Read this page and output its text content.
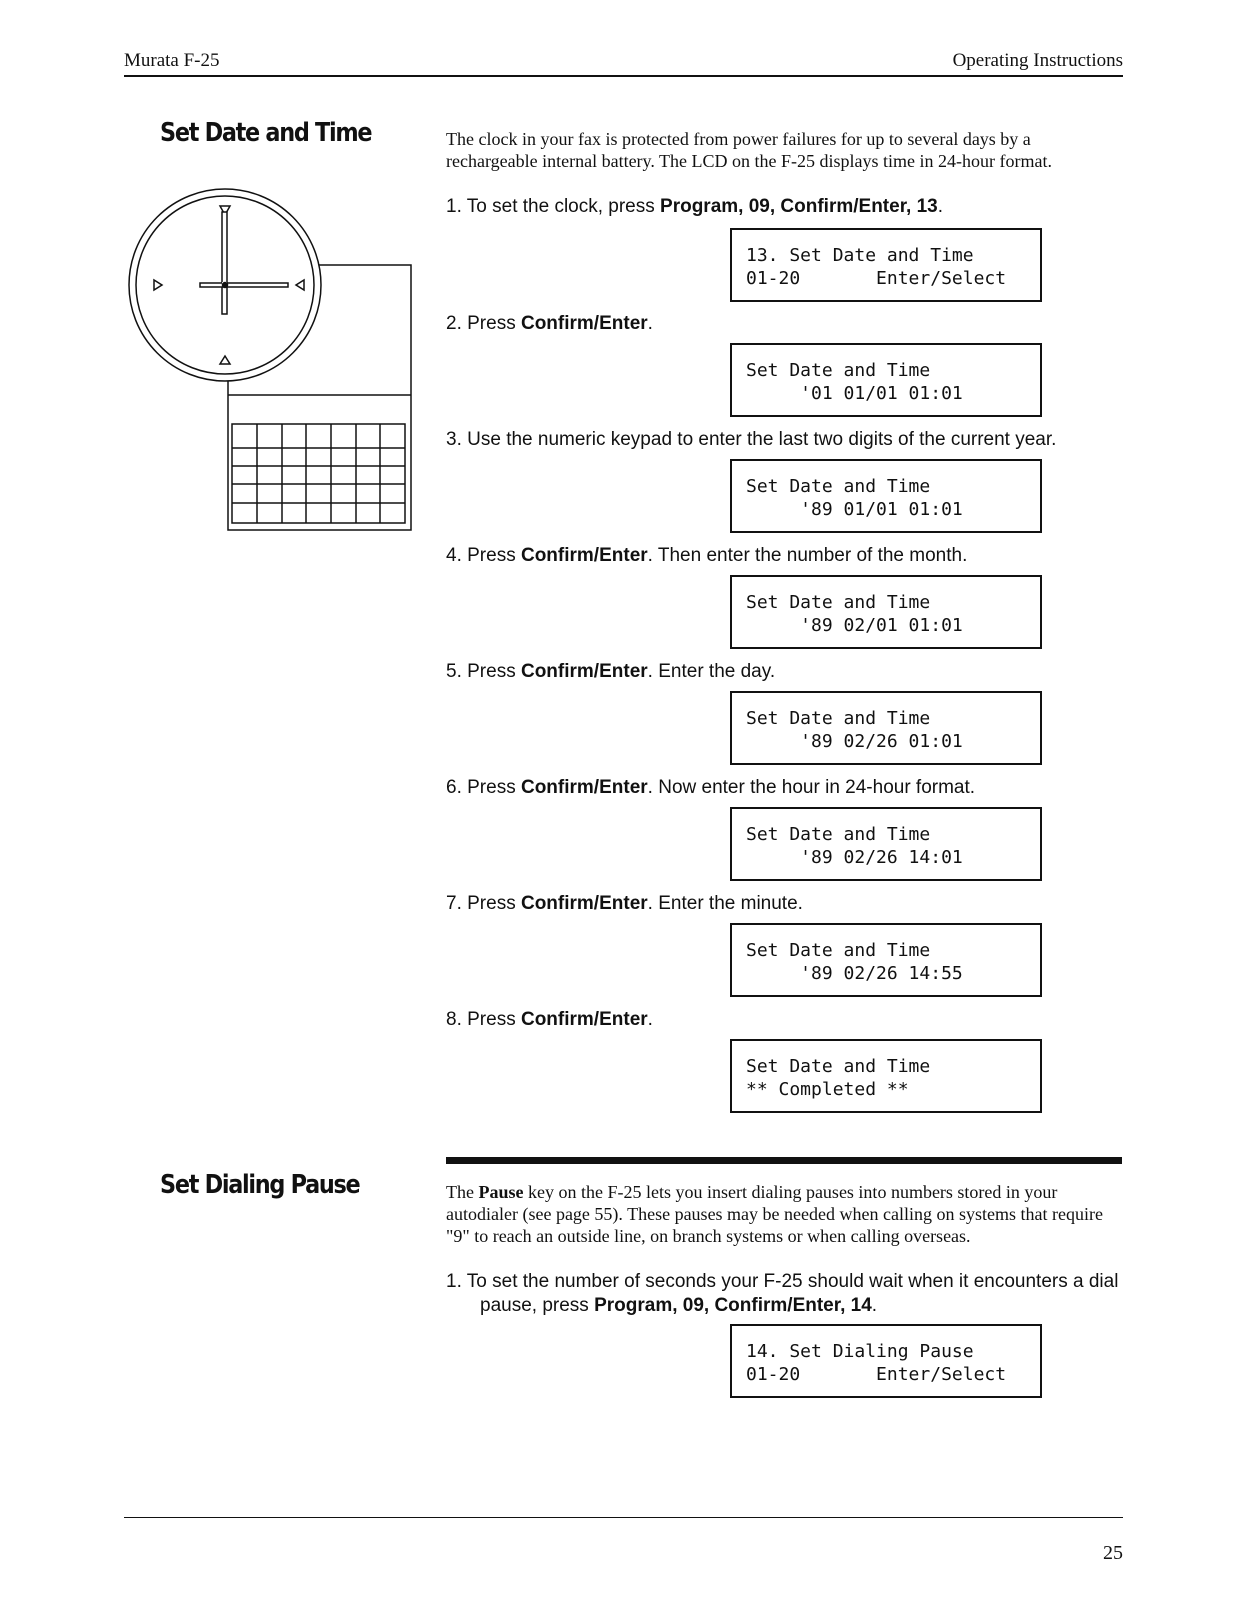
Murata F-25	Operating Instructions
Set Date and Time	The clock in your fax is protected from power failures for up to several days by a rechargeable internal battery. The LCD on the F-25 displays time in 24-hour format.
1. To set the clock, press Program, 09, Confirm/Enter, 13.
13. Set Date and Time
01-20       Enter/Select
2. Press Confirm/Enter.
Set Date and Time
'01 01/01 01:01
3. Use the numeric keypad to enter the last two digits of the current year.
Set Date and Time
'89 01/01 01:01
4. Press Confirm/Enter. Then enter the number of the month.
Set Date and Time
'89 02/01 01:01
5. Press Confirm/Enter. Enter the day.
Set Date and Time
'89 02/26 01:01
6. Press Confirm/Enter. Now enter the hour in 24-hour format.
Set Date and Time
'89 02/26 14:01
7. Press Confirm/Enter. Enter the minute.
Set Date and Time
'89 02/26 14:55
8. Press Confirm/Enter.
Set Date and Time
** Completed **
Set Dialing Pause	The Pause key on the F-25 lets you insert dialing pauses into numbers stored in your autodialer (see page 55). These pauses may be needed when calling on systems that require "9" to reach an outside line, on branch systems or when calling overseas.
1. To set the number of seconds your F-25 should wait when it encounters a dial pause, press Program, 09, Confirm/Enter, 14.
14. Set Dialing Pause
01-20       Enter/Select
25
